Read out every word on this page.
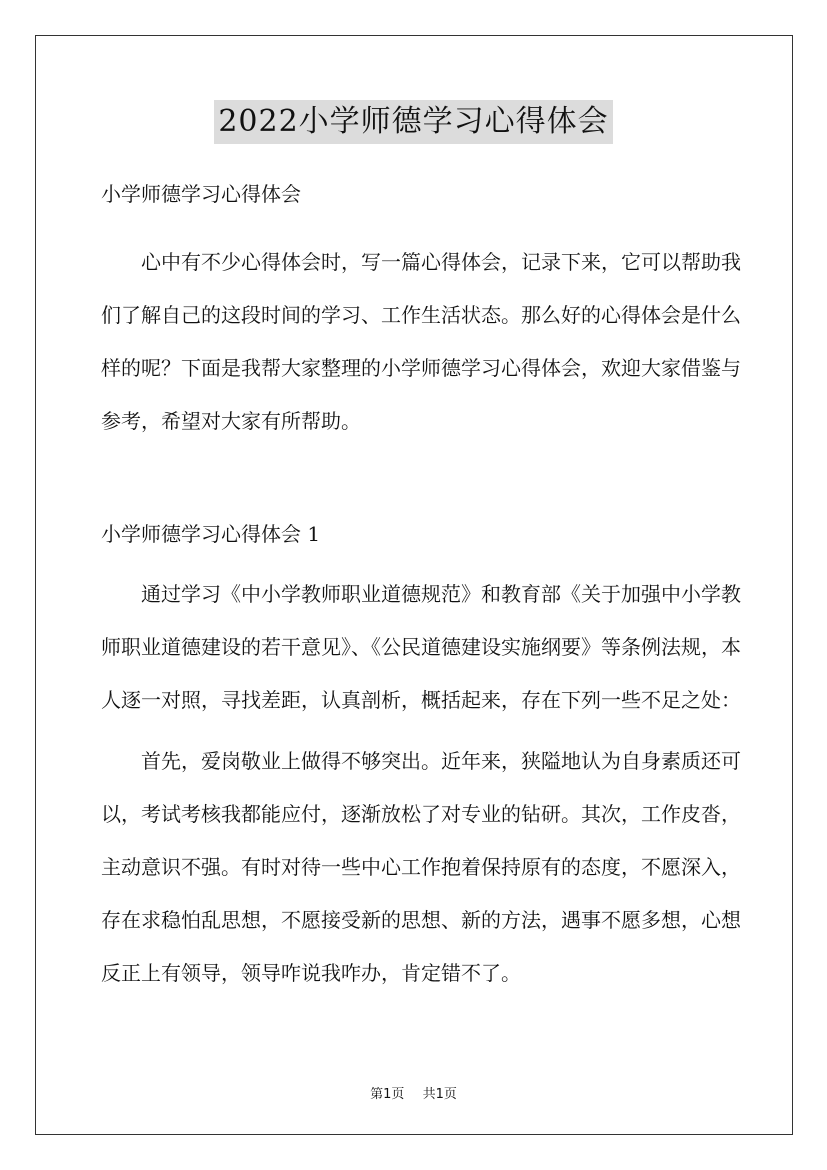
2022小学师德学习心得体会

小学师德学习心得体会

心中有不少心得体会时，写一篇心得体会，记录下来，它可以帮助我们了解自己的这段时间的学习、工作生活状态。那么好的心得体会是什么样的呢？下面是我帮大家整理的小学师德学习心得体会，欢迎大家借鉴与参考，希望对大家有所帮助。

小学师德学习心得体会 1

通过学习《中小学教师职业道德规范》和教育部《关于加强中小学教师职业道德建设的若干意见》、《公民道德建设实施纲要》等条例法规，本人逐一对照，寻找差距，认真剖析，概括起来，存在下列一些不足之处：

首先，爱岗敬业上做得不够突出。近年来，狭隘地认为自身素质还可以，考试考核我都能应付，逐渐放松了对专业的钻研。其次，工作皮沓，主动意识不强。有时对待一些中心工作抱着保持原有的态度，不愿深入，存在求稳怕乱思想，不愿接受新的思想、新的方法，遇事不愿多想，心想反正上有领导，领导咋说我咋办，肯定错不了。

第1页 共1页
